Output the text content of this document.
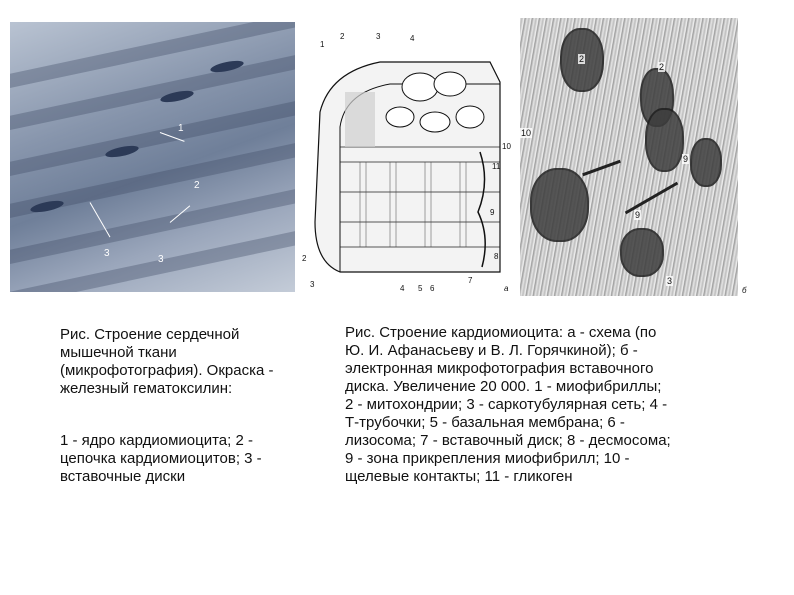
1
2
3
3
1
2	3	4
11
10
9
8
7
2
3	4 5 6	а
2
2
10
9
9
3
б
Рис. Строение сердечной
мышечной ткани
(микрофотография). Окраска -
железный гематоксилин:
1 - ядро кардиомиоцита; 2 -
цепочка кардиомиоцитов; 3 -
вставочные диски
Рис. Строение кардиомиоцита: а - схема (по
Ю. И. Афанасьеву и В. Л. Горячкиной); б -
электронная микрофотография вставочного
диска. Увеличение 20 000. 1 - миофибриллы;
2 - митохондрии; 3 - саркотубулярная сеть; 4 -
Т-трубочки; 5 - базальная мембрана; 6 -
лизосома; 7 - вставочный диск; 8 - десмосома;
9 - зона прикрепления миофибрилл; 10 -
щелевые контакты; 11 - гликоген
